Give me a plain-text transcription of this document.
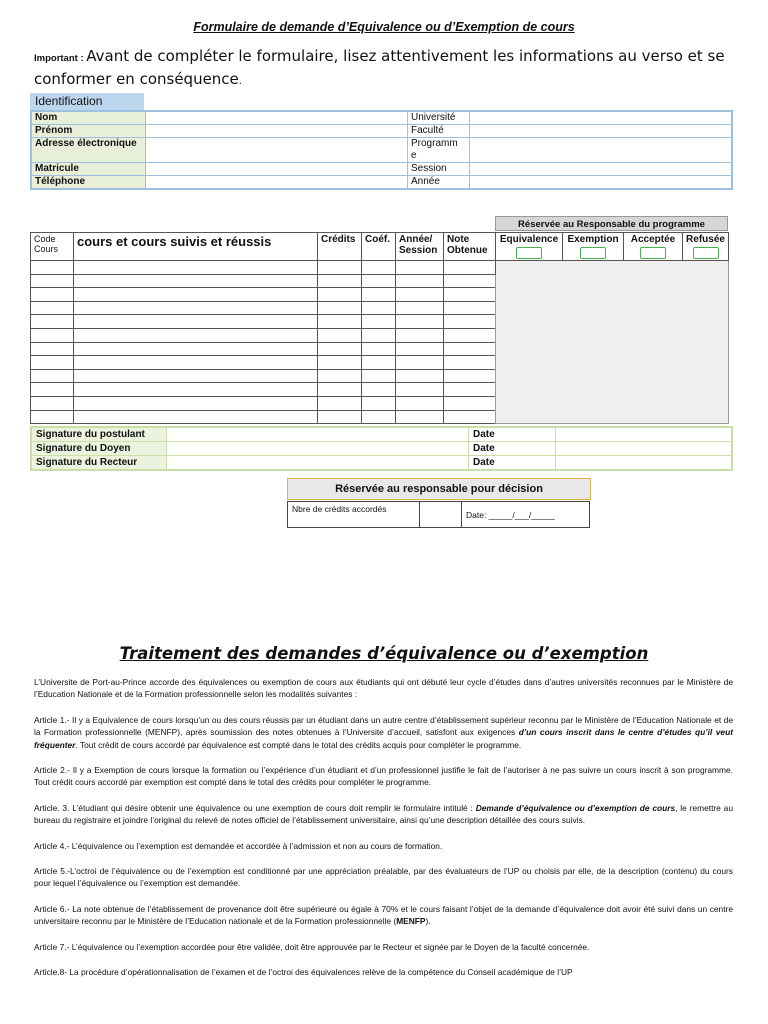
Formulaire de demande d’Equivalence ou d’Exemption de cours
Important : Avant de compléter le formulaire, lisez attentivement les informations au verso et se conformer en conséquence.
Identification
Nom		Université	
Prénom		Faculté	
Adresse électronique		Programm
e	
Matricule		Session	
Téléphone		Année	
Réservée au Responsable du programme
Code Cours	cours et cours suivis et réussis	Crédits	Coéf.	Année/ Session	Note Obtenue	Equivalence	Exemption	Acceptée	Refusée

Signature du postulant		Date	
Signature du Doyen		Date	
Signature du Recteur		Date	
Réservée au responsable pour décision
Nbre de crédits accordés		Date: _____/___/_____
Traitement des demandes d’équivalence ou d’exemption

L’Universite de Port-au-Prince accorde des équivalences ou exemption de cours aux étudiants qui ont débuté leur cycle d’études dans d’autres universités reconnues par le Ministère de l’Education Nationale et de la Formation professionnelle selon les modalités suivantes :

Article 1.- Il y a Equivalence de cours lorsqu’un ou des cours réussis par un étudiant dans un autre centre d’établissement supérieur reconnu par le Ministère de l’Education Nationale et de la Formation professionnelle (MENFP), après soumission des notes obtenues à l’Universite d’accueil, satisfont aux exigences d’un cours inscrit dans le centre d’études qu’il veut fréquenter. Tout crédit de cours accordé par équivalence est compté dans le total des crédits acquis pour compléter le programme.

Article 2.- Il y a Exemption de cours lorsque la formation ou l’expérience d’un étudiant et d’un professionnel justifie le fait de l’autoriser à ne pas suivre un cours inscrit à son programme. Tout crédit cours accordé par exemption est compté dans le total des crédits pour compléter le programme.

Article. 3. L’étudiant qui désire obtenir une équivalence ou une exemption de cours doit remplir le formulaire intitulé : Demande d’équivalence ou d’exemption de cours, le remettre au bureau du registraire et joindre l’original du relevé de notes officiel de l’établissement universitaire, ainsi qu’une description détaillée des cours suivis.

Article 4.- L’équivalence ou l’exemption est demandée et accordée à l’admission et non au cours de formation.

Article 5.-L’octroi de l’équivalence ou de l’exemption est conditionné par une appréciation préalable, par des évaluateurs de l’UP ou choisis par elle, de la description (contenu) du cours pour lequel l’équivalence ou l’exemption est demandée.

Article 6.- La note obtenue de l’établissement de provenance doit être supérieure ou égale à 70% et le cours faisant l’objet de la demande d’équivalence doit avoir été suivi dans un centre universitaire reconnu par le Ministère de l’Education nationale et de la Formation professionnelle (MENFP).

Article 7.- L’équivalence ou l’exemption accordée pour être validée, doit être approuvée par le Recteur et signée par le Doyen de la faculté concernée.

Article.8- La procédure d’opérationnalisation de l’examen et de l’octroi des équivalences relève de la compétence du Conseil académique de l’UP
